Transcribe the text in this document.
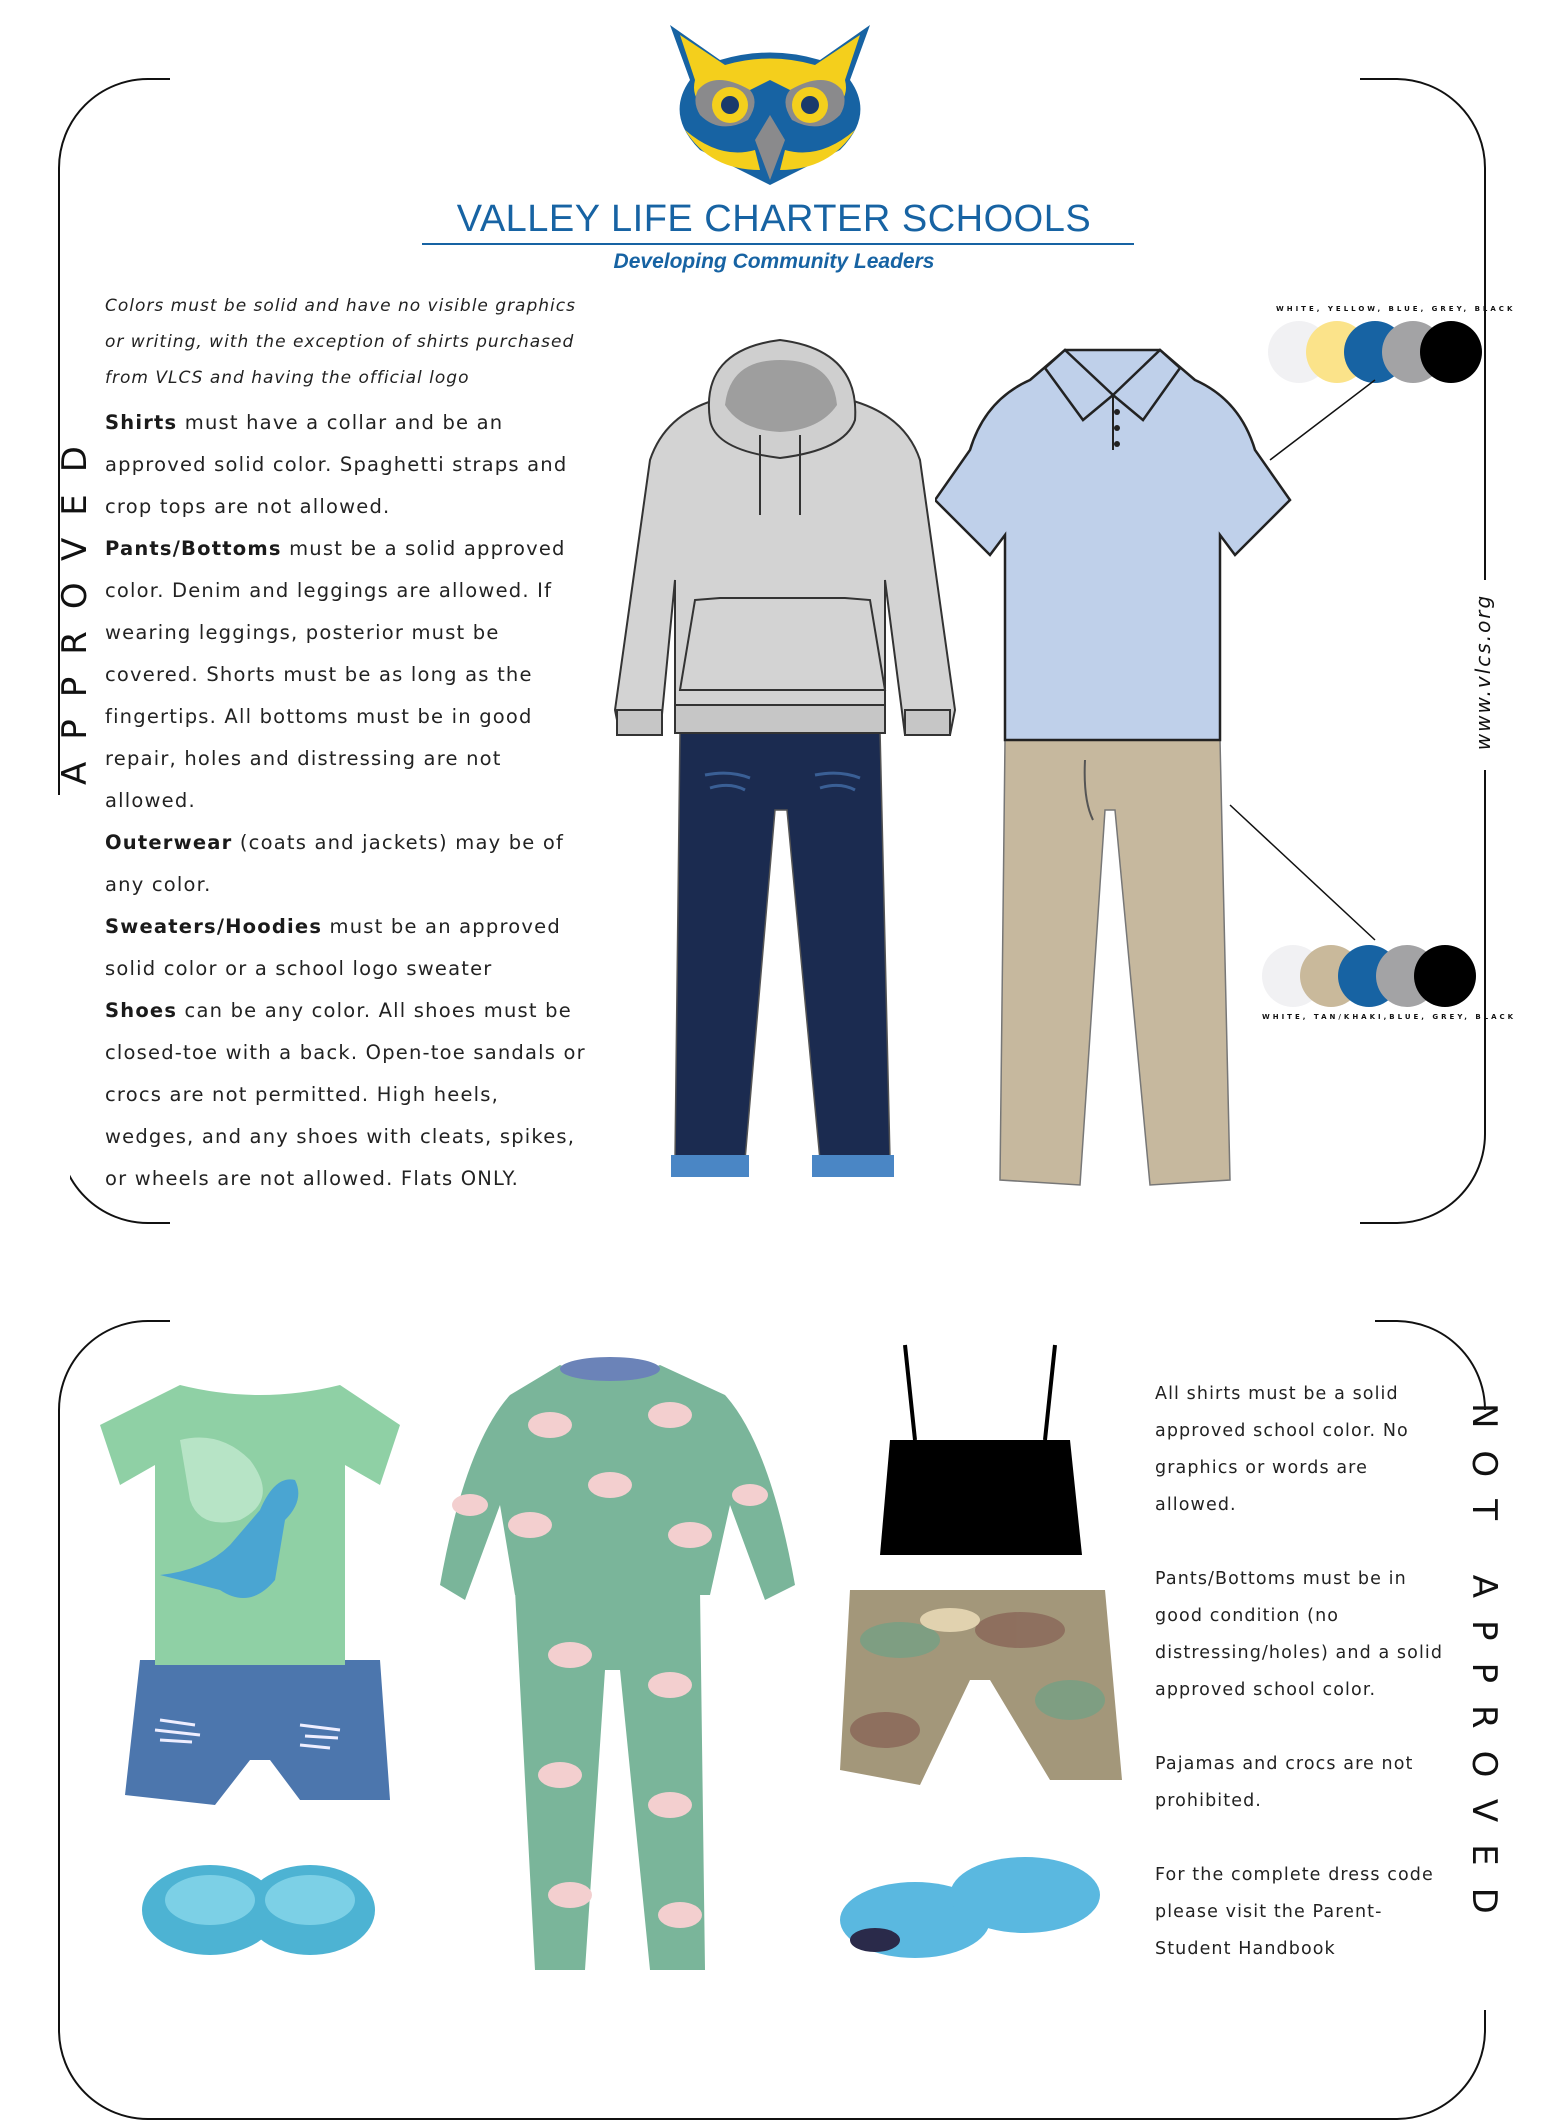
VALLEY LIFE CHARTER SCHOOLS
Developing Community Leaders
APPROVED

Colors must be solid and have no visible graphics or writing, with the exception of shirts purchased from VLCS and having the official logo

Shirts must have a collar and be an approved solid color. Spaghetti straps and crop tops are not allowed.

Pants/Bottoms must be a solid approved color. Denim and leggings are allowed. If wearing leggings, posterior must be covered. Shorts must be as long as the fingertips. All bottoms must be in good repair, holes and distressing are not allowed.

Outerwear (coats and jackets) may be of any color.

Sweaters/Hoodies must be an approved solid color or a school logo sweater

Shoes can be any color. All shoes must be closed-toe with a back. Open-toe sandals or crocs are not permitted. High heels, wedges, and any shoes with cleats, spikes, or wheels are not allowed. Flats ONLY.

WHITE, YELLOW, BLUE, GREY, BLACK
WHITE, TAN/KHAKI,BLUE, GREY, BLACK
www.vlcs.org
NOT APPROVED

All shirts must be a solid approved school color. No graphics or words are allowed.

Pants/Bottoms must be in good condition (no distressing/holes) and a solid approved school color.

Pajamas and crocs are not prohibited.

For the complete dress code please visit the Parent-Student Handbook
